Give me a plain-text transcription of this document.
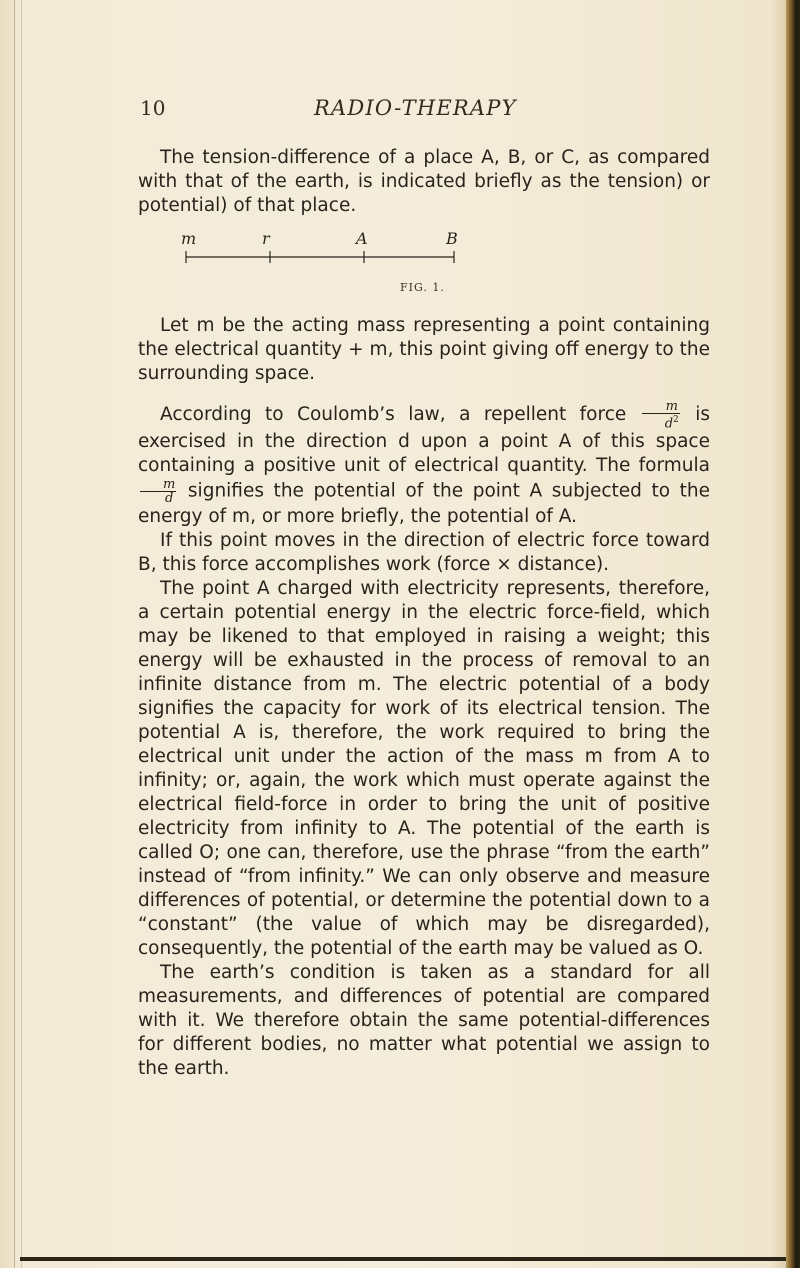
10	RADIO-THERAPY

The tension-difference of a place A, B, or C, as compared with that of the earth, is indicated briefly as the tension) or potential) of that place.

m	r	A	B
FIG. 1.

Let m be the acting mass representing a point containing the electrical quantity + m, this point giving off energy to the surrounding space.

According to Coulomb’s law, a repellent force $\frac{m}{d^2}$ is exercised in the direction d upon a point A of this space containing a positive unit of electrical quantity. The formula
$\frac{m}{d}$ signifies the potential of the point A subjected to the energy of m, or more briefly, the potential of A.

If this point moves in the direction of electric force toward B, this force accomplishes work (force × distance).

The point A charged with electricity represents, therefore, a certain potential energy in the electric force-field, which may be likened to that employed in raising a weight; this energy will be exhausted in the process of removal to an infinite distance from m. The electric potential of a body signifies the capacity for work of its electrical tension. The potential A is, therefore, the work required to bring the electrical unit under the action of the mass m from A to infinity; or, again, the work which must operate against the electrical field-force in order to bring the unit of positive electricity from infinity to A. The potential of the earth is called O; one can, therefore, use the phrase “from the earth” instead of “from infinity.” We can only observe and measure differences of potential, or determine the potential down to a “constant” (the value of which may be disregarded), consequently, the potential of the earth may be valued as O.

The earth’s condition is taken as a standard for all measurements, and differences of potential are compared with it. We therefore obtain the same potential-differences for different bodies, no matter what potential we assign to the earth.
